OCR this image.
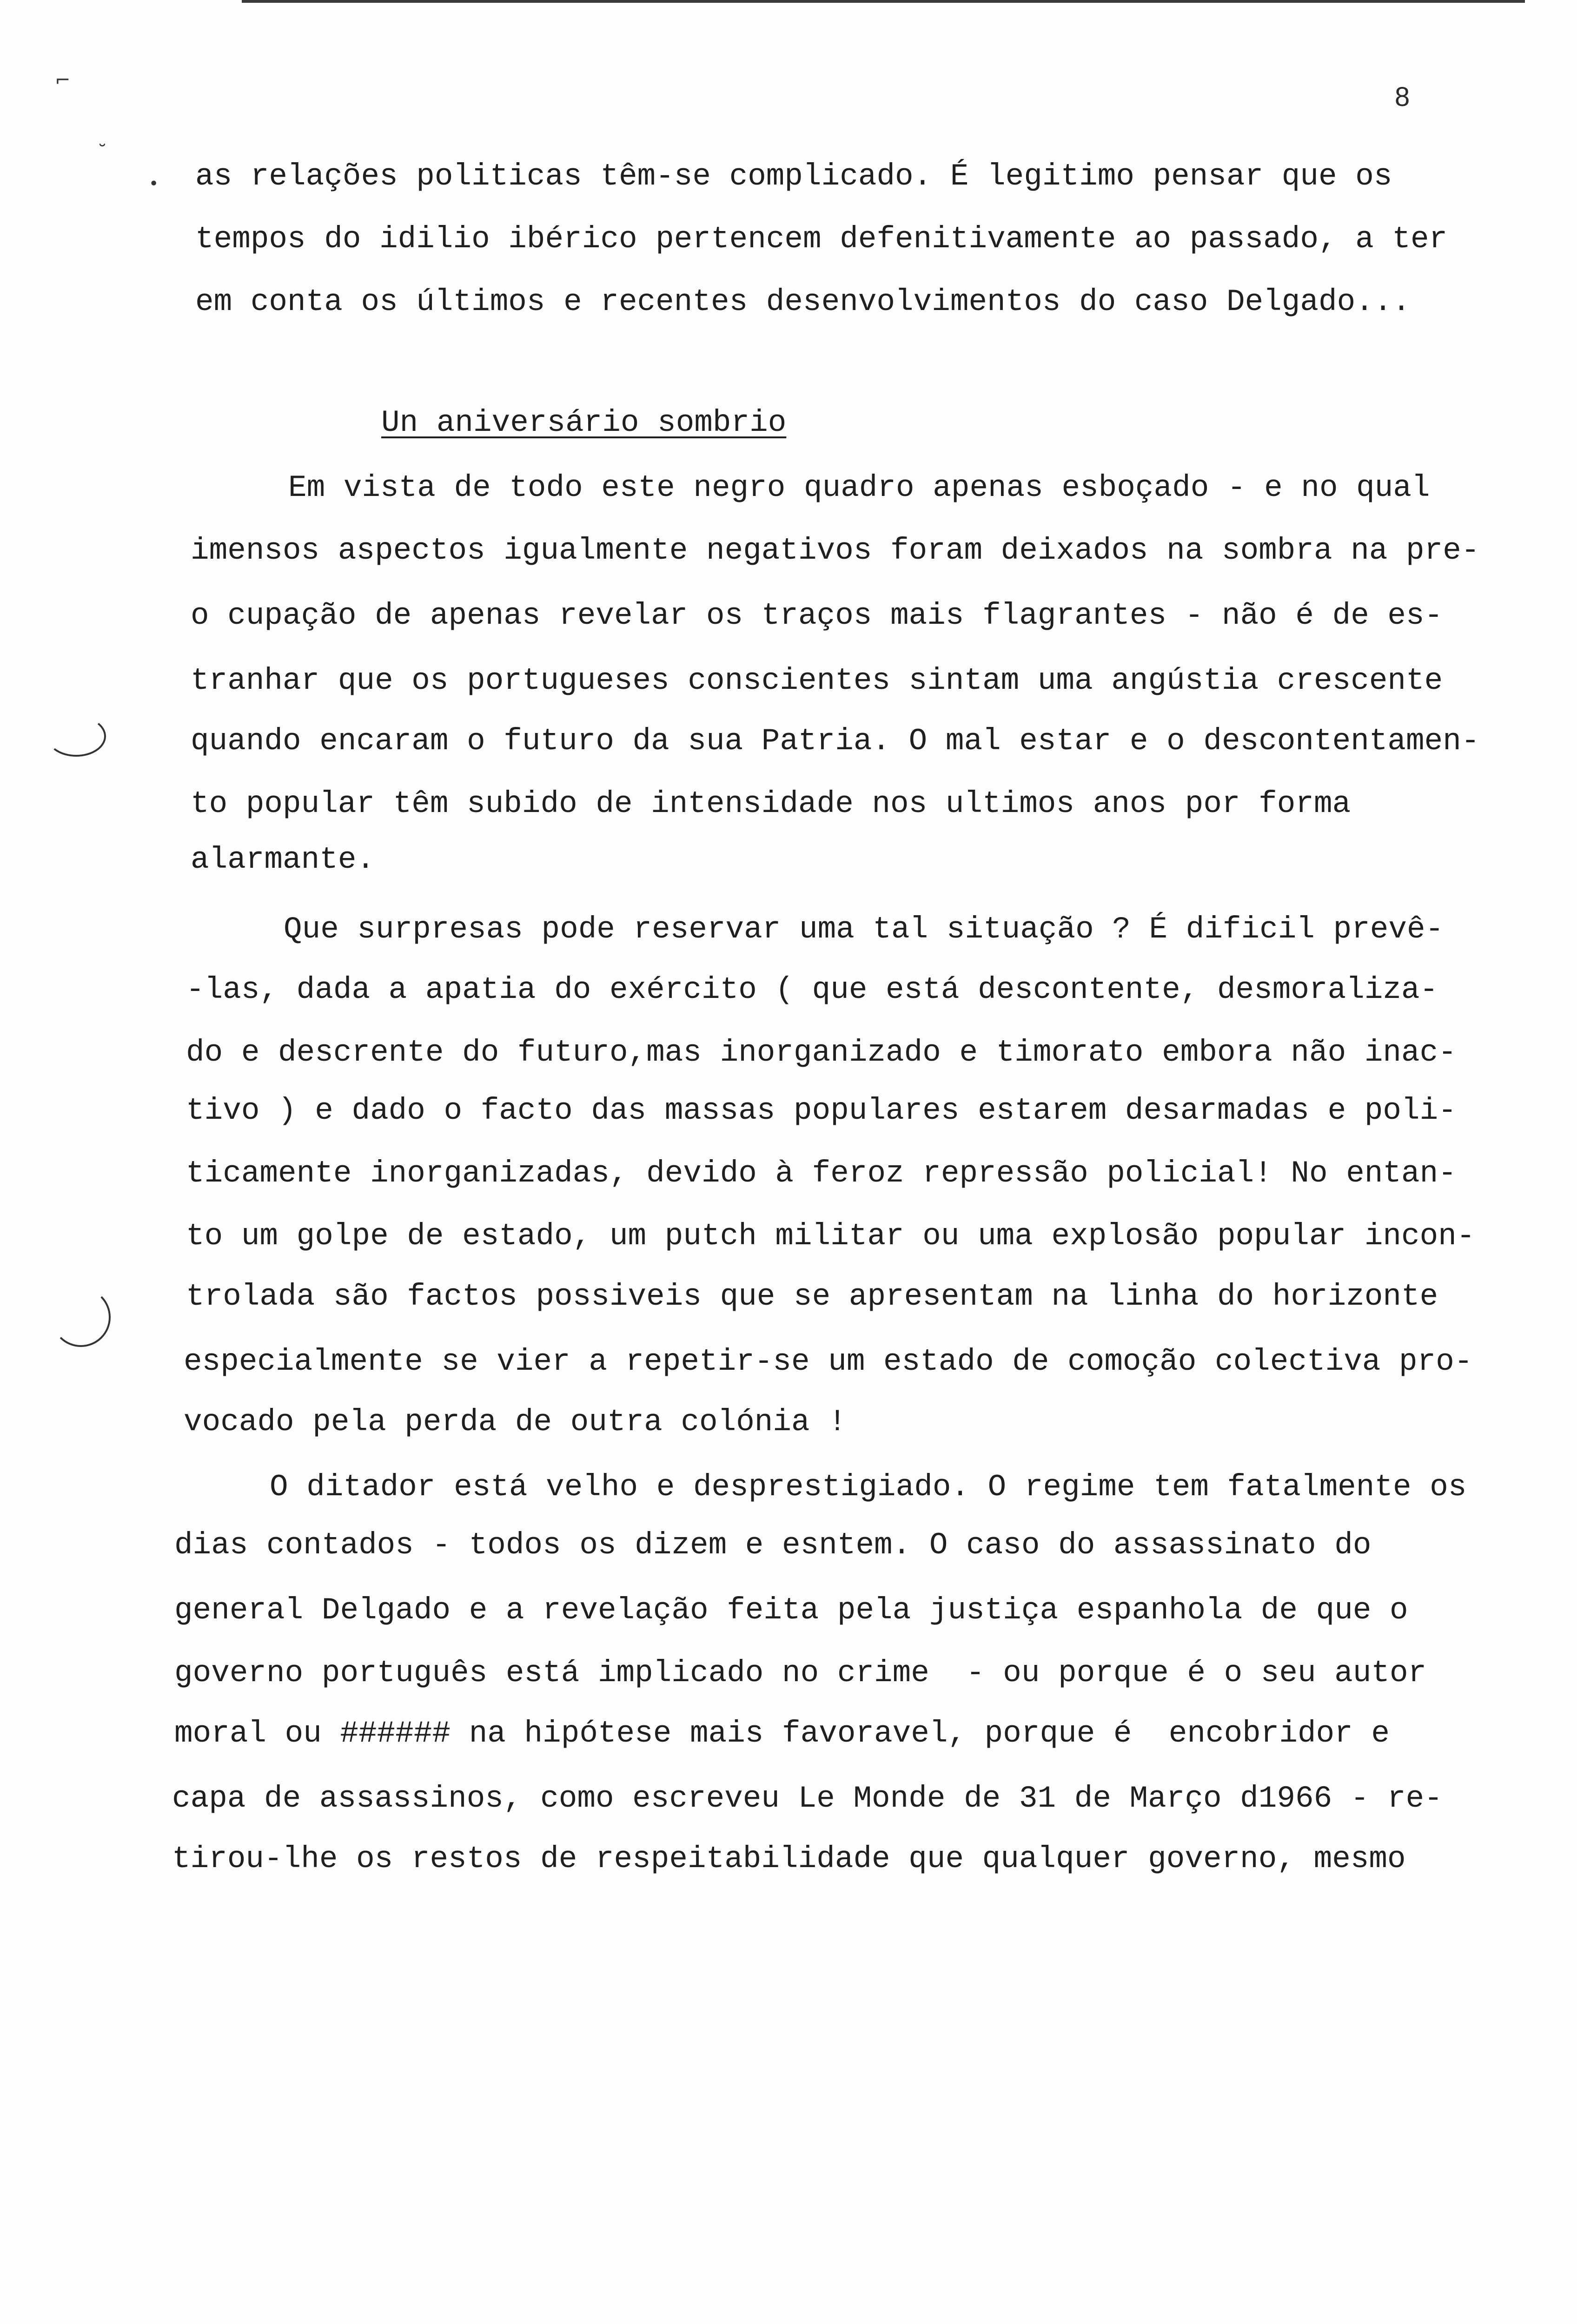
⌐
˘
•
8
as relações politicas têm-se complicado. É legitimo pensar que os
tempos do idilio ibérico pertencem defenitivamente ao passado, a ter
em conta os últimos e recentes desenvolvimentos do caso Delgado...
Un aniversário sombrio
Em vista de todo este negro quadro apenas esboçado - e no qual
imensos aspectos igualmente negativos foram deixados na sombra na pre-
o cupação de apenas revelar os traços mais flagrantes - não é de es-
tranhar que os portugueses conscientes sintam uma angústia crescente
quando encaram o futuro da sua Patria. O mal estar e o descontentamen-
to popular têm subido de intensidade nos ultimos anos por forma
alarmante.
Que surpresas pode reservar uma tal situação ? É dificil prevê-
-las, dada a apatia do exército ( que está descontente, desmoraliza-
do e descrente do futuro,mas inorganizado e timorato embora não inac-
tivo ) e dado o facto das massas populares estarem desarmadas e poli-
ticamente inorganizadas, devido à feroz repressão policial! No entan-
to um golpe de estado, um putch militar ou uma explosão popular incon-
trolada são factos possiveis que se apresentam na linha do horizonte
especialmente se vier a repetir-se um estado de comoção colectiva pro-
vocado pela perda de outra colónia !
O ditador está velho e desprestigiado. O regime tem fatalmente os
dias contados - todos os dizem e esntem. O caso do assassinato do
general Delgado e a revelação feita pela justiça espanhola de que o
governo português está implicado no crime  - ou porque é o seu autor
moral ou ###### na hipótese mais favoravel, porque é  encobridor e
capa de assassinos, como escreveu Le Monde de 31 de Março d1966 - re-
tirou-lhe os restos de respeitabilidade que qualquer governo, mesmo
